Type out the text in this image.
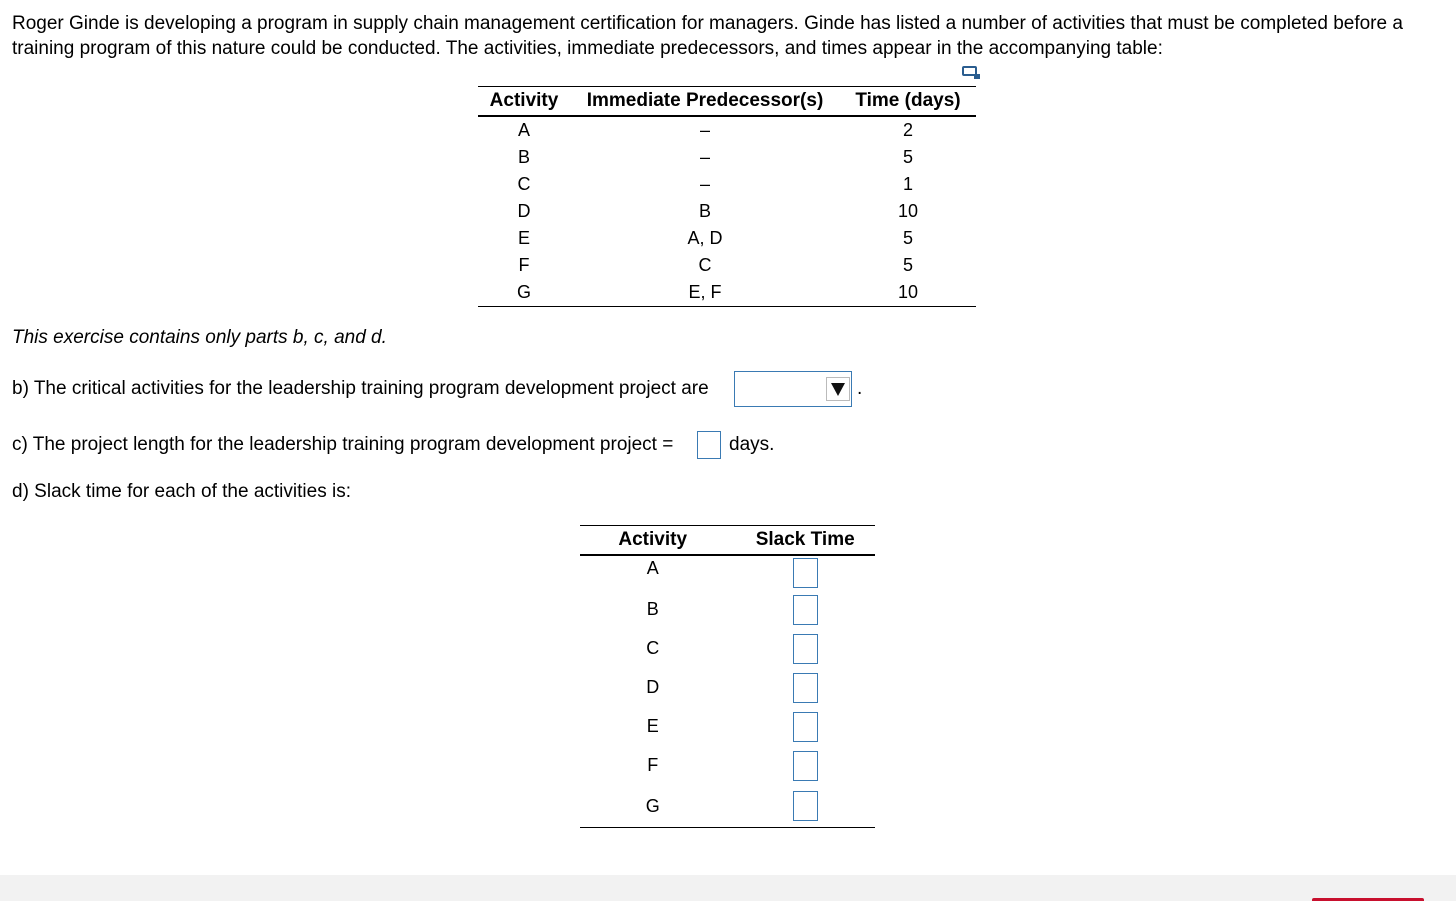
Roger Ginde is developing a program in supply chain management certification for managers. Ginde has listed a number of activities that must be completed before a training program of this nature could be conducted. The activities, immediate predecessors, and times appear in the accompanying table:

Activity	Immediate Predecessor(s)	Time (days)
A	–	2
B	–	5
C	–	1
D	B	10
E	A, D	5
F	C	5
G	E, F	10

This exercise contains only parts b, c, and d.

b) The critical activities for the leadership training program development project are	.

c) The project length for the leadership training program development project =	days.

d) Slack time for each of the activities is:

Activity	Slack Time
A	
B	
C	
D	
E	
F	
G	
